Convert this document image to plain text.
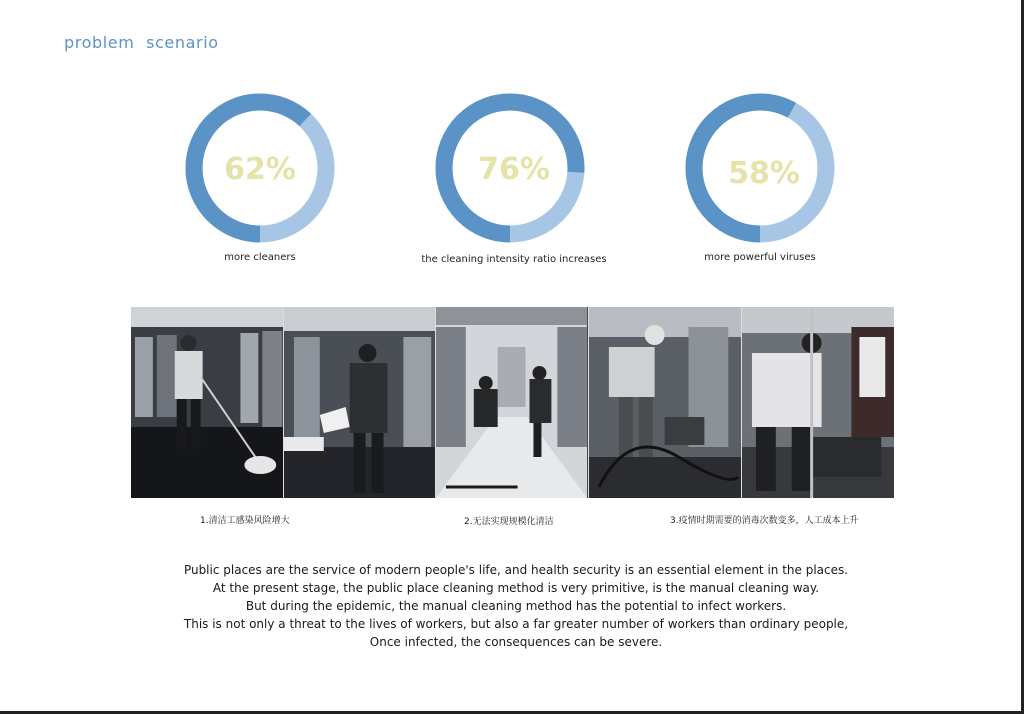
problem scenario
62%
more cleaners
76%
the cleaning intensity ratio increases
58%
more powerful viruses
1.清洁工感染风险增大	2.无法实现规模化清洁	3.疫情时期需要的消毒次数变多，人工成本上升
Public places are the service of modern people's life, and health security is an essential element in the places.
At the present stage, the public place cleaning method is very primitive, is the manual cleaning way.
But during the epidemic, the manual cleaning method has the potential to infect workers.
This is not only a threat to the lives of workers, but also a far greater number of workers than ordinary people,
Once infected, the consequences can be severe.
